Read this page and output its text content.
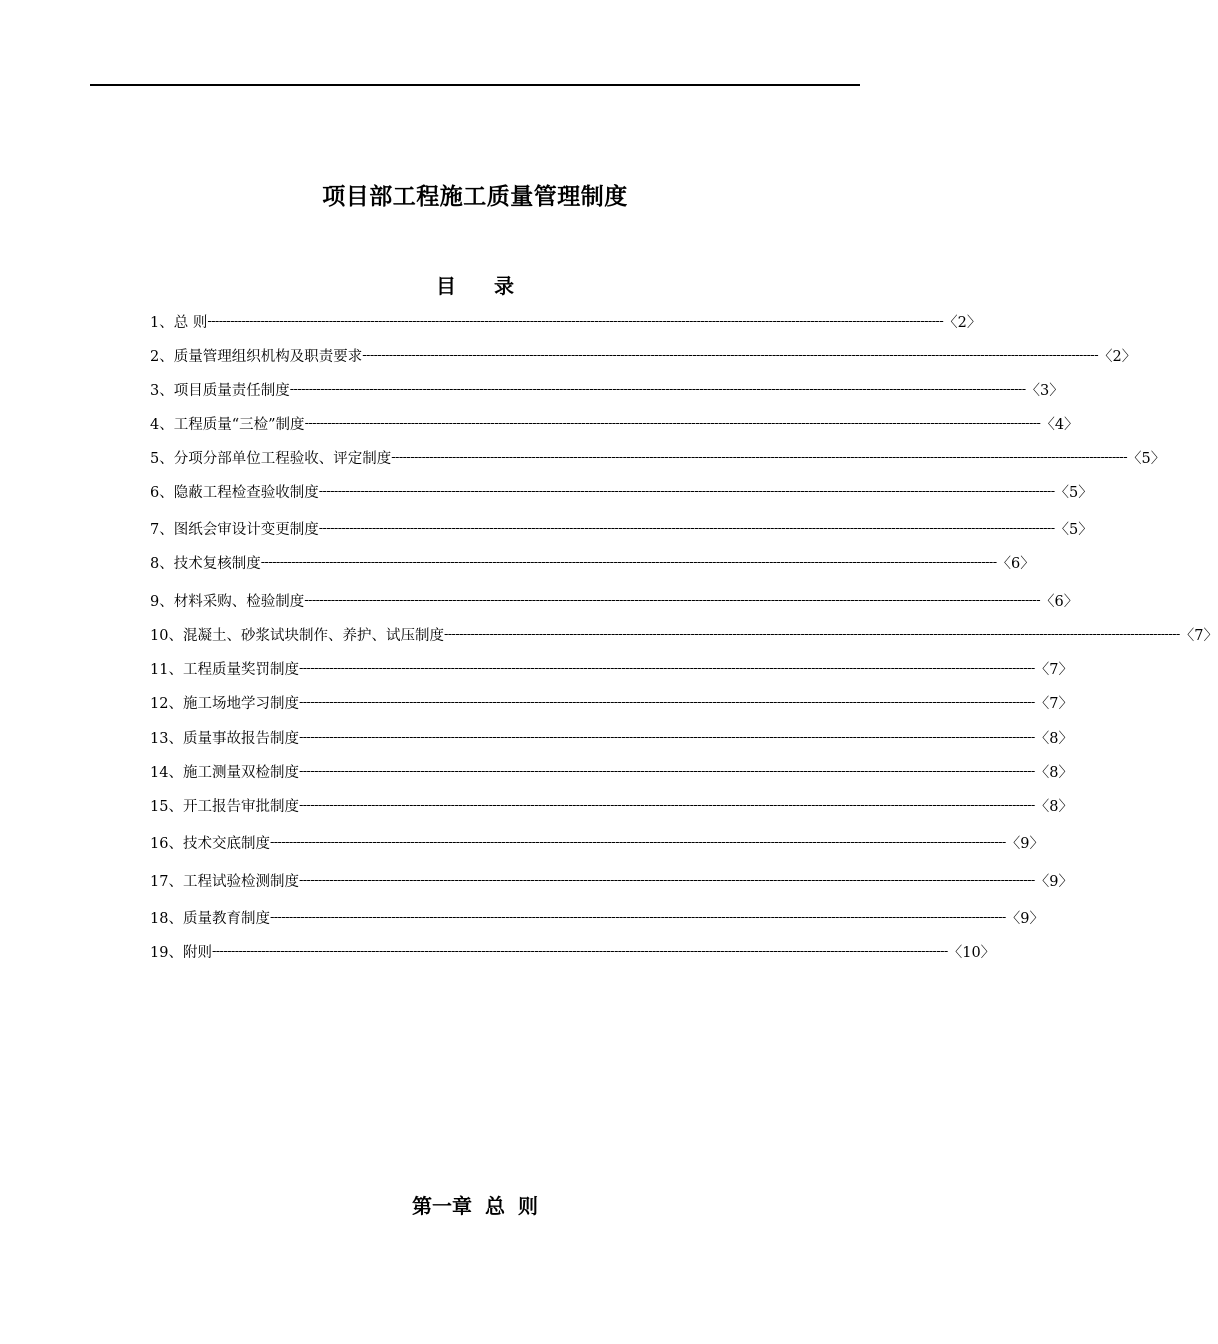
项目部工程施工质量管理制度
目 录
1、总 则 -------------------------------------------------------------------------------------------------------------------------------------------------------------------------------------------------- 〈2〉
2、质量管理组织机构及职责要求 -------------------------------------------------------------------------------------------------------------------------------------------------------------------------------------------------- 〈2〉
3、项目质量责任制度 -------------------------------------------------------------------------------------------------------------------------------------------------------------------------------------------------- 〈3〉
4、工程质量“三检”制度 -------------------------------------------------------------------------------------------------------------------------------------------------------------------------------------------------- 〈4〉
5、分项分部单位工程验收、评定制度 -------------------------------------------------------------------------------------------------------------------------------------------------------------------------------------------------- 〈5〉
6、隐蔽工程检查验收制度 -------------------------------------------------------------------------------------------------------------------------------------------------------------------------------------------------- 〈5〉
7、图纸会审设计变更制度 -------------------------------------------------------------------------------------------------------------------------------------------------------------------------------------------------- 〈5〉
8、技术复核制度 -------------------------------------------------------------------------------------------------------------------------------------------------------------------------------------------------- 〈6〉
9、材料采购、检验制度 -------------------------------------------------------------------------------------------------------------------------------------------------------------------------------------------------- 〈6〉
10、混凝土、砂浆试块制作、养护、试压制度 -------------------------------------------------------------------------------------------------------------------------------------------------------------------------------------------------- 〈7〉
11、工程质量奖罚制度 -------------------------------------------------------------------------------------------------------------------------------------------------------------------------------------------------- 〈7〉
12、施工场地学习制度 -------------------------------------------------------------------------------------------------------------------------------------------------------------------------------------------------- 〈7〉
13、质量事故报告制度 -------------------------------------------------------------------------------------------------------------------------------------------------------------------------------------------------- 〈8〉
14、施工测量双检制度 -------------------------------------------------------------------------------------------------------------------------------------------------------------------------------------------------- 〈8〉
15、开工报告审批制度 -------------------------------------------------------------------------------------------------------------------------------------------------------------------------------------------------- 〈8〉
16、技术交底制度 -------------------------------------------------------------------------------------------------------------------------------------------------------------------------------------------------- 〈9〉
17、工程试验检测制度 -------------------------------------------------------------------------------------------------------------------------------------------------------------------------------------------------- 〈9〉
18、质量教育制度 -------------------------------------------------------------------------------------------------------------------------------------------------------------------------------------------------- 〈9〉
19、附则 -------------------------------------------------------------------------------------------------------------------------------------------------------------------------------------------------- 〈10〉
第一章 总 则
